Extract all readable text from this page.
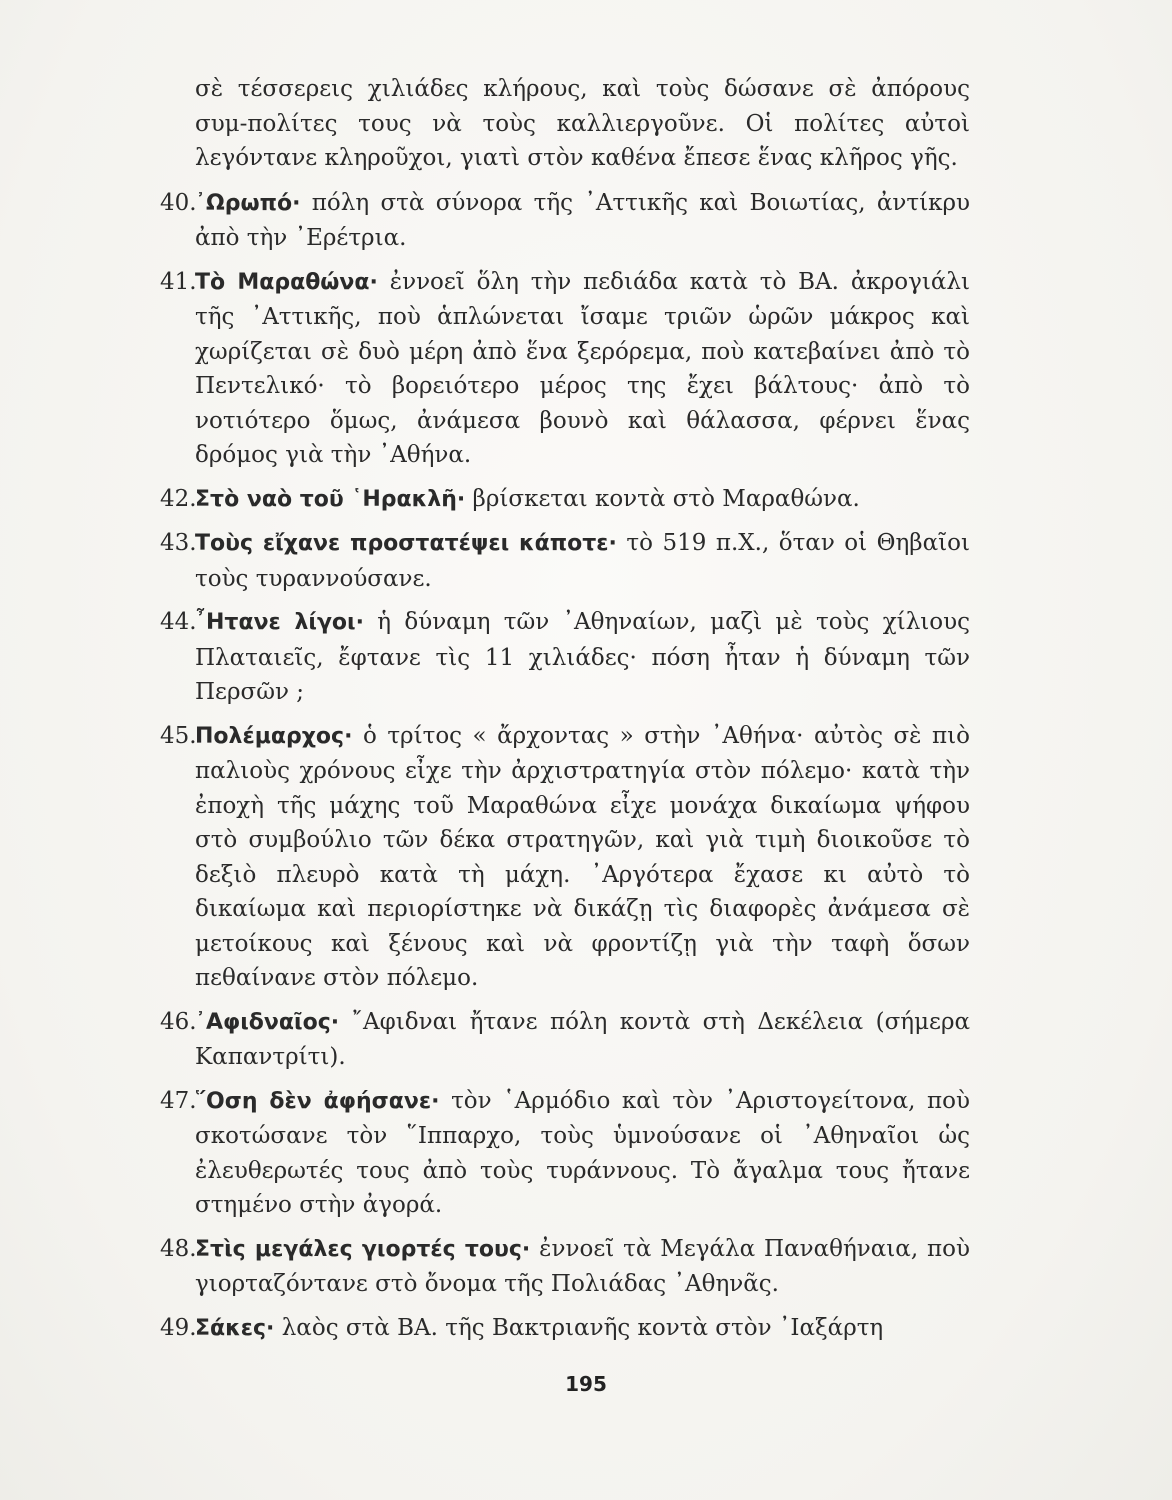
σὲ τέσσερεις χιλιάδες κλήρους, καὶ τοὺς δώσανε σὲ ἀπόρους συμ-πολίτες τους νὰ τοὺς καλλιεργοῦνε. Οἱ πολίτες αὐτοὶ λεγόντανε κληροῦχοι, γιατὶ στὸν καθένα ἔπεσε ἕνας κλῆρος γῆς.

40.
᾿Ωρωπό· πόλη στὰ σύνορα τῆς ᾿Αττικῆς καὶ Βοιωτίας, ἀντίκρυ ἀπὸ τὴν ᾿Ερέτρια.

41.
Τὸ Μαραθώνα· ἐννοεῖ ὅλη τὴν πεδιάδα κατὰ τὸ ΒΑ. ἀκρογιάλι τῆς ᾿Αττικῆς, ποὺ ἁπλώνεται ἴσαμε τριῶν ὡρῶν μάκρος καὶ χωρίζεται σὲ δυὸ μέρη ἀπὸ ἕνα ξερόρεμα, ποὺ κατεβαίνει ἀπὸ τὸ Πεντελικό· τὸ βορειότερο μέρος της ἔχει βάλτους· ἀπὸ τὸ νοτιότερο ὅμως, ἀνάμεσα βουνὸ καὶ θάλασσα, φέρνει ἕνας δρόμος γιὰ τὴν ᾿Αθήνα.

42.
Στὸ ναὸ τοῦ ῾Ηρακλῆ· βρίσκεται κοντὰ στὸ Μαραθώνα.

43.
Τοὺς εἴχανε προστατέψει κάποτε· τὸ 519 π.Χ., ὅταν οἱ Θηβαῖοι τοὺς τυραννούσανε.

44.
῏Ητανε λίγοι· ἡ δύναμη τῶν ᾿Αθηναίων, μαζὶ μὲ τοὺς χίλιους Πλαταιεῖς, ἔφτανε τὶς 11 χιλιάδες· πόση ἦταν ἡ δύναμη τῶν Περσῶν ;

45.
Πολέμαρχος· ὁ τρίτος « ἄρχοντας » στὴν ᾿Αθήνα· αὐτὸς σὲ πιὸ παλιοὺς χρόνους εἶχε τὴν ἀρχιστρατηγία στὸν πόλεμο· κατὰ τὴν ἐποχὴ τῆς μάχης τοῦ Μαραθώνα εἶχε μονάχα δικαίωμα ψήφου στὸ συμβούλιο τῶν δέκα στρατηγῶν, καὶ γιὰ τιμὴ διοικοῦσε τὸ δεξιὸ πλευρὸ κατὰ τὴ μάχη. ᾿Αργότερα ἔχασε κι αὐτὸ τὸ δικαίωμα καὶ περιορίστηκε νὰ δικάζῃ τὶς διαφορὲς ἀνάμεσα σὲ μετοίκους καὶ ξένους καὶ νὰ φροντίζῃ γιὰ τὴν ταφὴ ὅσων πεθαίνανε στὸν πόλεμο.

46.
᾿Αφιδναῖος· ῎Αφιδναι ἤτανε πόλη κοντὰ στὴ Δεκέλεια (σήμερα Καπαντρίτι).

47.
῞Οση δὲν ἀφήσανε· τὸν ῾Αρμόδιο καὶ τὸν ᾿Αριστογείτονα, ποὺ σκοτώσανε τὸν ῞Ιππαρχο, τοὺς ὑμνούσανε οἱ ᾿Αθηναῖοι ὡς ἐλευθερωτές τους ἀπὸ τοὺς τυράννους. Τὸ ἄγαλμα τους ἤτανε στημένο στὴν ἀγορά.

48.
Στὶς μεγάλες γιορτές τους· ἐννοεῖ τὰ Μεγάλα Παναθήναια, ποὺ γιορταζόντανε στὸ ὄνομα τῆς Πολιάδας ᾿Αθηνᾶς.

49.
Σάκες· λαὸς στὰ ΒΑ. τῆς Βακτριανῆς κοντὰ στὸν ᾿Ιαξάρτη

195
